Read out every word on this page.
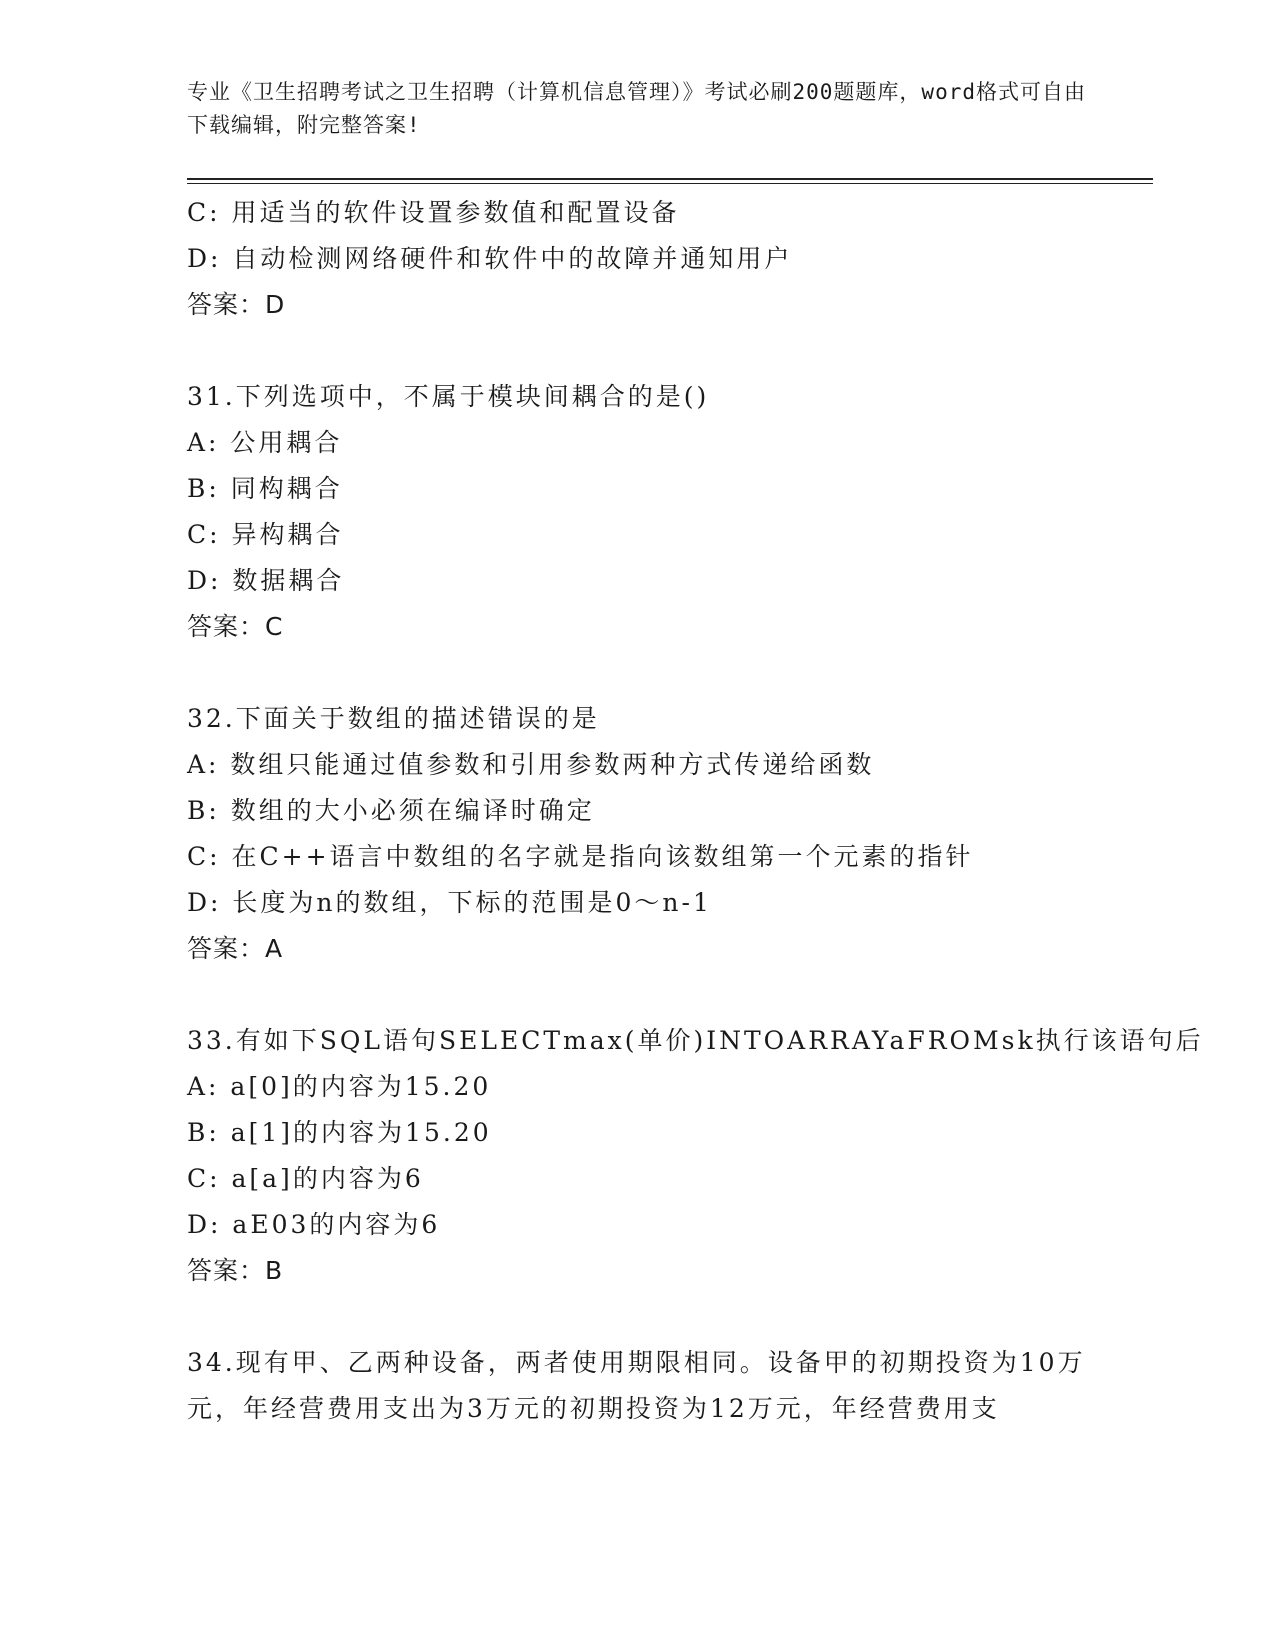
专业《卫生招聘考试之卫生招聘（计算机信息管理）》考试必刷200题题库，word格式可自由下载编辑，附完整答案!
C: 用适当的软件设置参数值和配置设备
D: 自动检测网络硬件和软件中的故障并通知用户
答案：D
31.下列选项中，不属于模块间耦合的是()
A: 公用耦合
B: 同构耦合
C: 异构耦合
D: 数据耦合
答案：C
32.下面关于数组的描述错误的是
A: 数组只能通过值参数和引用参数两种方式传递给函数
B: 数组的大小必须在编译时确定
C: 在C++语言中数组的名字就是指向该数组第一个元素的指针
D: 长度为n的数组，下标的范围是0～n-1
答案：A
33.有如下SQL语句SELECTmax(单价)INTOARRAYaFROMsk执行该语句后
A: a[0]的内容为15.20
B: a[1]的内容为15.20
C: a[a]的内容为6
D: aE03的内容为6
答案：B
34.现有甲、乙两种设备，两者使用期限相同。设备甲的初期投资为10万元，年经营费用支出为3万元的初期投资为12万元，年经营费用支
